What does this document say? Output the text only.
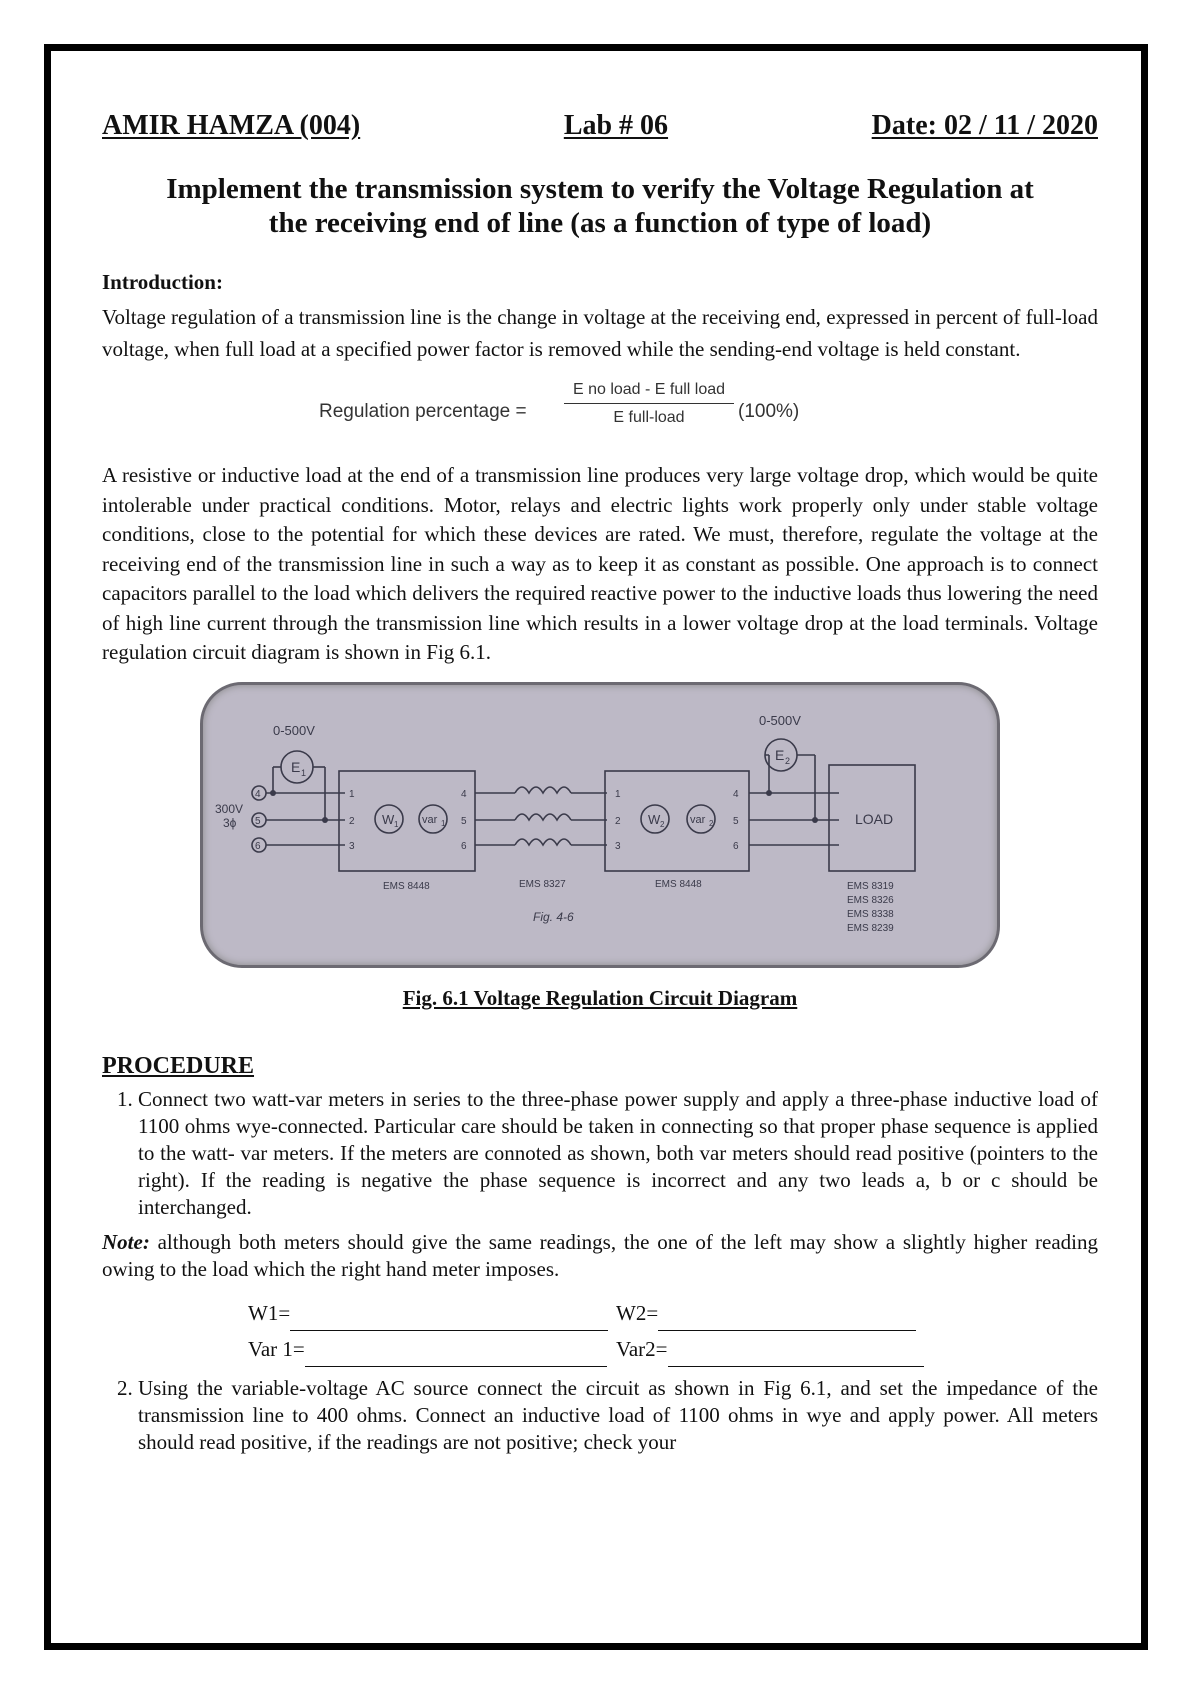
AMIR HAMZA (004)	Lab # 06	Date: 02 / 11 / 2020
Implement the transmission system to verify the Voltage Regulation at
the receiving end of line (as a function of type of load)
Introduction:
Voltage regulation of a transmission line is the change in voltage at the receiving end, expressed in percent of full-load voltage, when full load at a specified power factor is removed while the sending-end voltage is held constant.
Regulation percentage =
E no load - E full load
E full-load	(100%)
A resistive or inductive load at the end of a transmission line produces very large voltage drop, which would be quite intolerable under practical conditions. Motor, relays and electric lights work properly only under stable voltage conditions, close to the potential for which these devices are rated. We must, therefore, regulate the voltage at the receiving end of the transmission line in such a way as to keep it as constant as possible. One approach is to connect capacitors parallel to the load which delivers the required reactive power to the inductive loads thus lowering the need of high line current through the transmission line which results in a lower voltage drop at the load terminals. Voltage regulation circuit diagram is shown in Fig 6.1.
0-500V
0-500V
E 1
E 2
300V
3ϕ
4
5
6
1
2
3
4
5
6
W 1 var 1
1
2
3
4
5
6
W 2 var 2	LOAD
EMS 8448	EMS 8327	EMS 8448	EMS 8319
EMS 8326
EMS 8338
EMS 8239
Fig. 4-6
Fig. 6.1 Voltage Regulation Circuit Diagram
PROCEDURE
1. Connect two watt-var meters in series to the three-phase power supply and apply a three-phase inductive load of 1100 ohms wye-connected. Particular care should be taken in connecting so that proper phase sequence is applied to the watt- var meters. If the meters are connoted as shown, both var meters should read positive (pointers to the right). If the reading is negative the phase sequence is incorrect and any two leads a, b or c should be interchanged.
Note: although both meters should give the same readings, the one of the left may show a slightly higher reading owing to the load which the right hand meter imposes.
W1=	W2=
Var 1=	Var2=
2. Using the variable-voltage AC source connect the circuit as shown in Fig 6.1, and set the impedance of the transmission line to 400 ohms. Connect an inductive load of 1100 ohms in wye and apply power. All meters should read positive, if the readings are not positive; check your
